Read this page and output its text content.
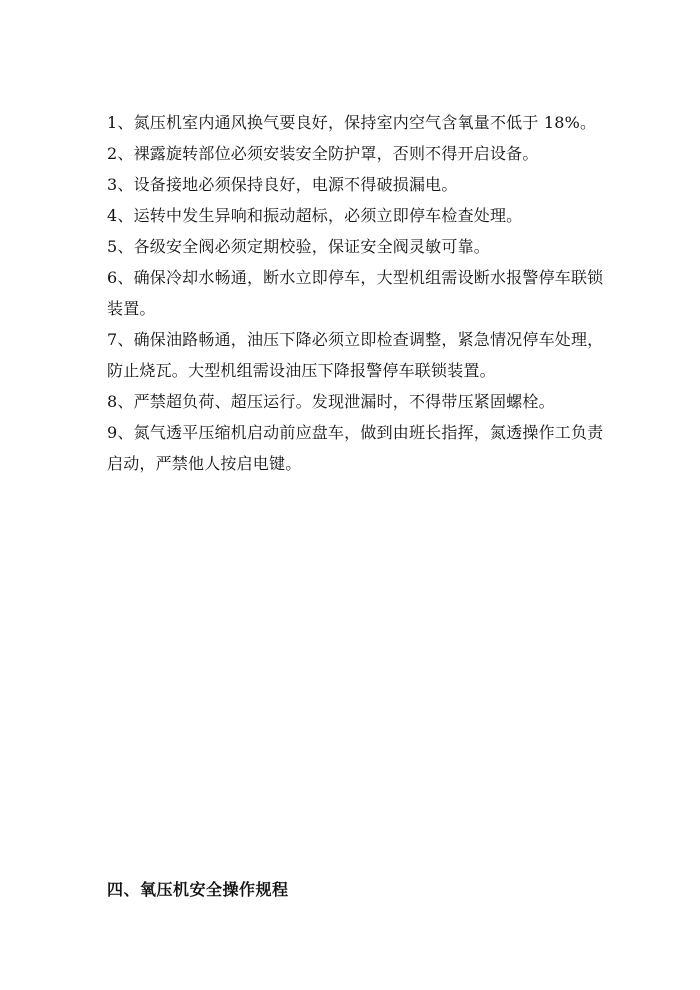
1、氮压机室内通风换气要良好，保持室内空气含氧量不低于 18%。

2、裸露旋转部位必须安装安全防护罩，否则不得开启设备。

3、设备接地必须保持良好，电源不得破损漏电。

4、运转中发生异响和振动超标，必须立即停车检查处理。

5、各级安全阀必须定期校验，保证安全阀灵敏可靠。

6、确保冷却水畅通，断水立即停车，大型机组需设断水报警停车联锁装置。

7、确保油路畅通，油压下降必须立即检查调整，紧急情况停车处理，防止烧瓦。大型机组需设油压下降报警停车联锁装置。

8、严禁超负荷、超压运行。发现泄漏时，不得带压紧固螺栓。

9、氮气透平压缩机启动前应盘车，做到由班长指挥，氮透操作工负责启动，严禁他人按启电键。

四、氧压机安全操作规程
